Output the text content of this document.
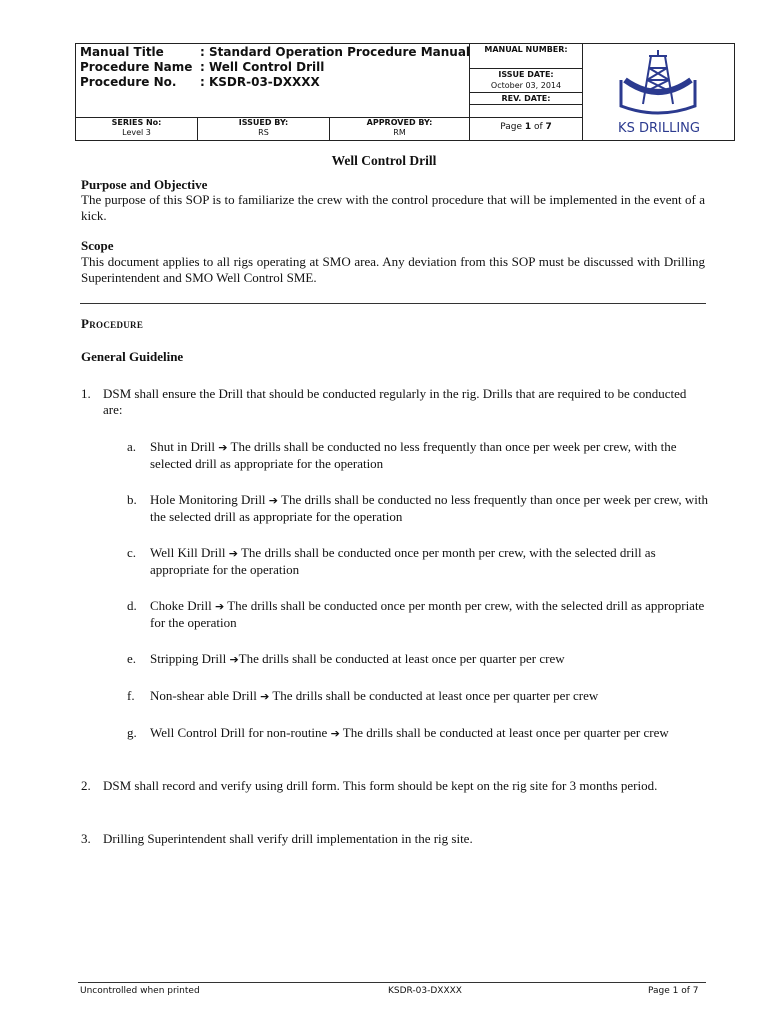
Manual Title	: Standard Operation Procedure Manual
Procedure Name : Well Control Drill
Procedure No. : KSDR-03-DXXXX
MANUAL NUMBER:
ISSUE DATE:
October 03, 2014
REV. DATE:
SERIES No:
Level 3
ISSUED BY:
RS
APPROVED BY:
RM
Page 1 of 7	KS DRILLING
Well Control Drill
Purpose and Objective
The purpose of this SOP is to familiarize the crew with the control procedure that will be implemented in the event of a kick.
Scope
This document applies to all rigs operating at SMO area. Any deviation from this SOP must be discussed with Drilling Superintendent and SMO Well Control SME.
Procedure
General Guideline
1. DSM shall ensure the Drill that should be conducted regularly in the rig. Drills that are required to be conducted are:
a. Shut in Drill ➔ The drills shall be conducted no less frequently than once per week per crew, with the selected drill as appropriate for the operation
b. Hole Monitoring Drill ➔ The drills shall be conducted no less frequently than once per week per crew, with the selected drill as appropriate for the operation
c. Well Kill Drill ➔ The drills shall be conducted once per month per crew, with the selected drill as appropriate for the operation
d. Choke Drill ➔ The drills shall be conducted once per month per crew, with the selected drill as appropriate for the operation
e. Stripping Drill ➔The drills shall be conducted at least once per quarter per crew
f. Non-shear able Drill ➔ The drills shall be conducted at least once per quarter per crew
g. Well Control Drill for non-routine ➔ The drills shall be conducted at least once per quarter per crew
2. DSM shall record and verify using drill form. This form should be kept on the rig site for 3 months period.
3. Drilling Superintendent shall verify drill implementation in the rig site.
Uncontrolled when printed	KSDR-03-DXXXX	Page 1 of 7
